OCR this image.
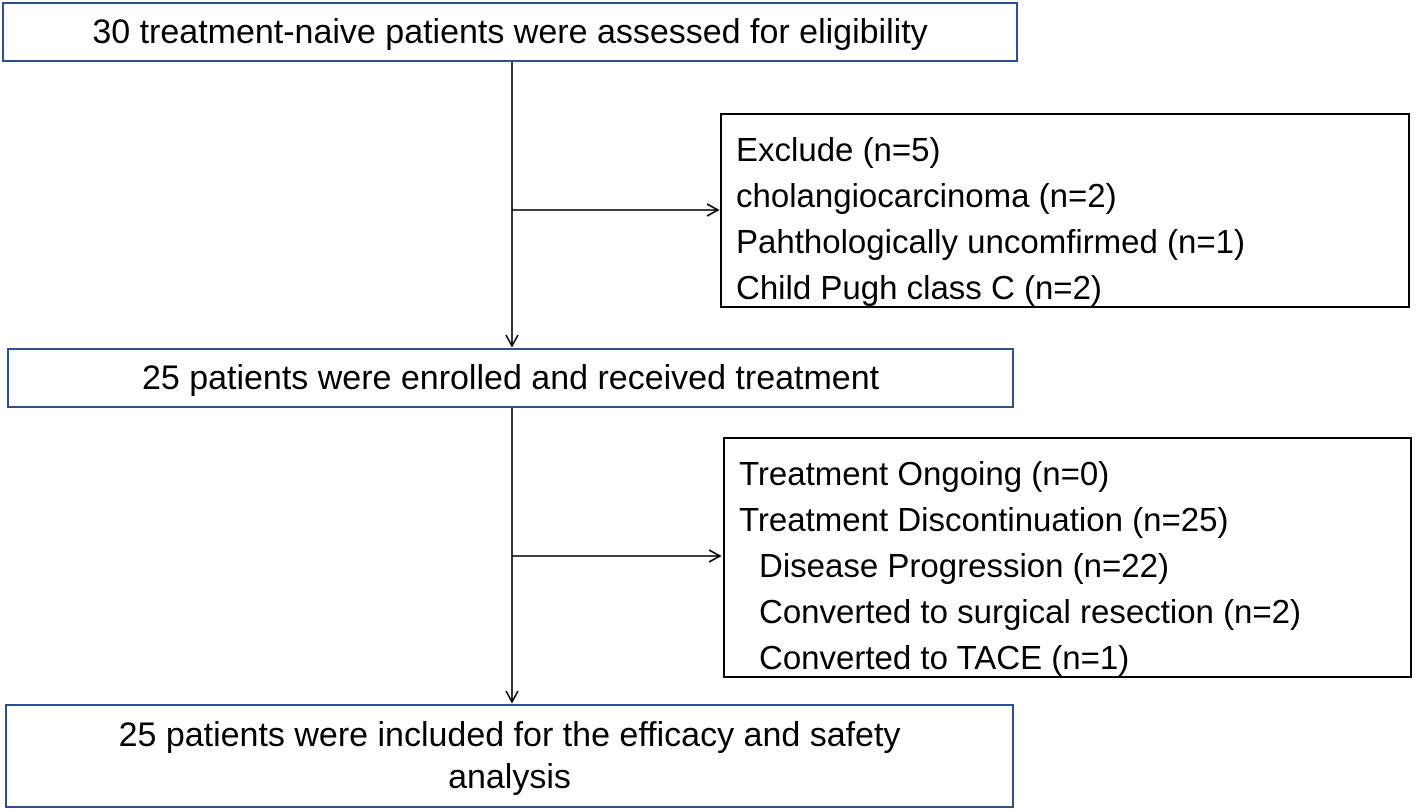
30 treatment-naive patients were assessed for eligibility
Exclude (n=5)
cholangiocarcinoma (n=2)
Pahthologically uncomfirmed (n=1)
Child Pugh class C (n=2)
25 patients were enrolled and received treatment
Treatment Ongoing (n=0)
Treatment Discontinuation (n=25)
Disease Progression (n=22)
Converted to surgical resection (n=2)
Converted to TACE (n=1)
25 patients were included for the efficacy and safety
analysis
